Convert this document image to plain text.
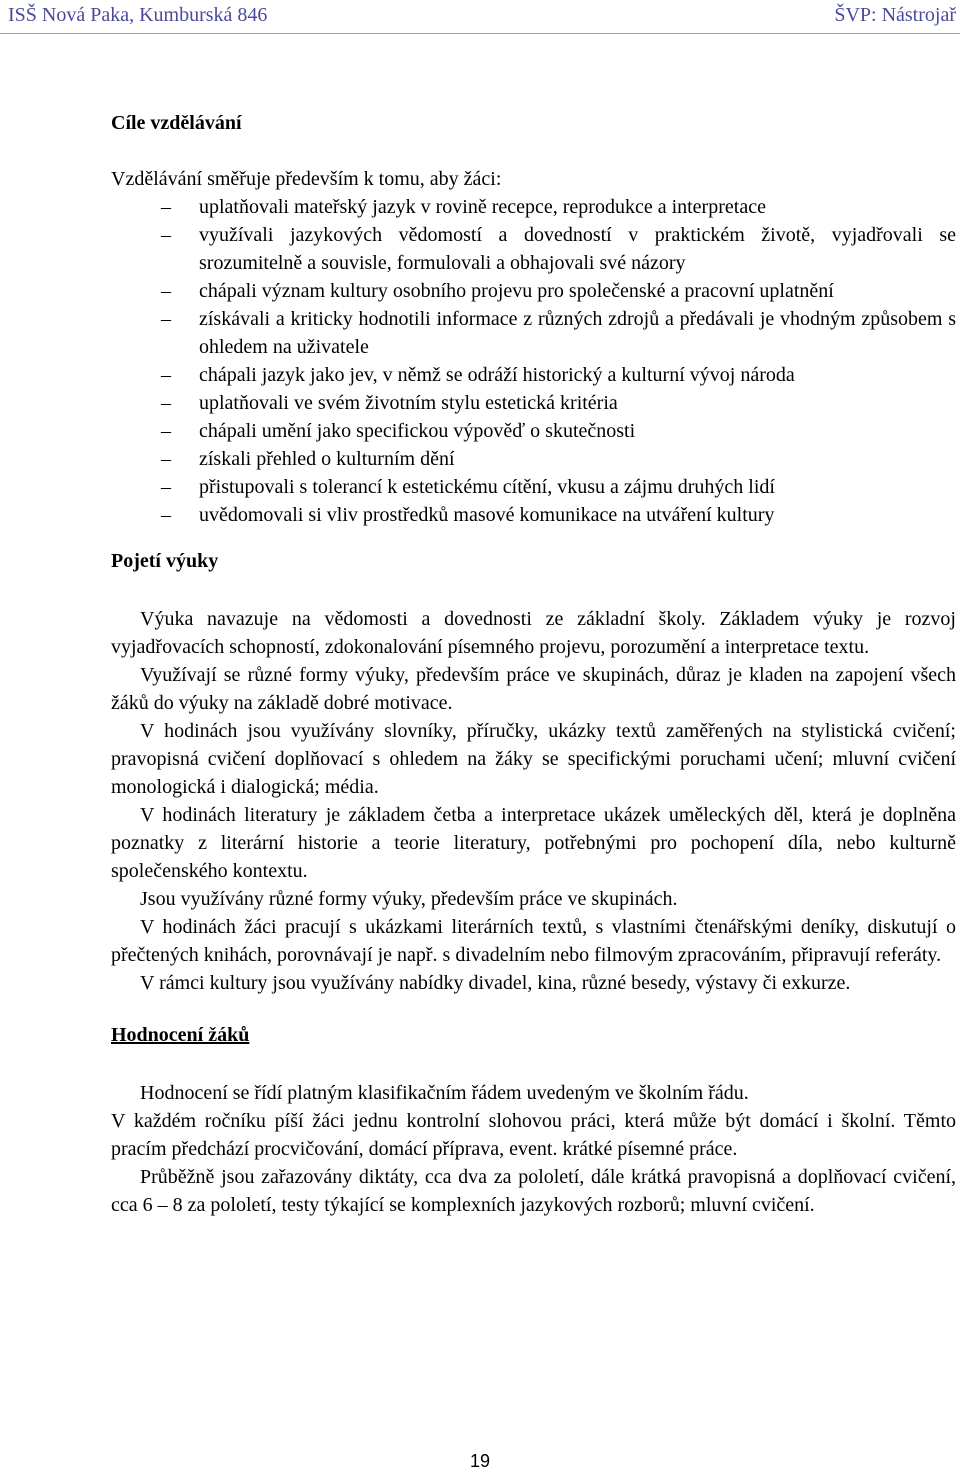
ISŠ Nová Paka, Kumburská 846	ŠVP: Nástrojař
Cíle vzdělávání

Vzdělávání směřuje především k tomu, aby žáci:

– uplatňovali mateřský jazyk v rovině recepce, reprodukce a interpretace
– využívali jazykových vědomostí a dovedností v praktickém životě, vyjadřovali se srozumitelně a souvisle, formulovali a obhajovali své názory
– chápali význam kultury osobního projevu pro společenské a pracovní uplatnění
– získávali a kriticky hodnotili informace z různých zdrojů a předávali je vhodným způsobem s ohledem na uživatele
– chápali jazyk jako jev, v němž se odráží historický a kulturní vývoj národa
– uplatňovali ve svém životním stylu estetická kritéria
– chápali umění jako specifickou výpověď o skutečnosti
– získali přehled o kulturním dění
– přistupovali s tolerancí k estetickému cítění, vkusu a zájmu druhých lidí
– uvědomovali si vliv prostředků masové komunikace na utváření kultury
Pojetí výuky

Výuka navazuje na vědomosti a dovednosti ze základní školy. Základem výuky je rozvoj vyjadřovacích schopností, zdokonalování písemného projevu, porozumění a interpretace textu.

Využívají se různé formy výuky, především práce ve skupinách, důraz je kladen na zapojení všech žáků do výuky na základě dobré motivace.

V hodinách jsou využívány slovníky, příručky, ukázky textů zaměřených na stylistická cvičení; pravopisná cvičení doplňovací s ohledem na žáky se specifickými poruchami učení; mluvní cvičení monologická i dialogická; média.

V hodinách literatury je základem četba a interpretace ukázek uměleckých děl, která je doplněna poznatky z literární historie a teorie literatury, potřebnými pro pochopení díla, nebo kulturně společenského kontextu.

Jsou využívány různé formy výuky, především práce ve skupinách.

V hodinách žáci pracují s ukázkami literárních textů, s vlastními čtenářskými deníky, diskutují o přečtených knihách, porovnávají je např. s divadelním nebo filmovým zpracováním, připravují referáty.

V rámci kultury jsou využívány nabídky divadel, kina, různé besedy, výstavy či exkurze.

Hodnocení žáků

Hodnocení se řídí platným klasifikačním řádem uvedeným ve školním řádu.

V každém ročníku píší žáci jednu kontrolní slohovou práci, která může být domácí i školní. Těmto pracím předchází procvičování, domácí příprava, event. krátké písemné práce.

Průběžně jsou zařazovány diktáty, cca dva za pololetí, dále krátká pravopisná a doplňovací cvičení, cca 6 – 8 za pololetí, testy týkající se komplexních jazykových rozborů; mluvní cvičení.

19
